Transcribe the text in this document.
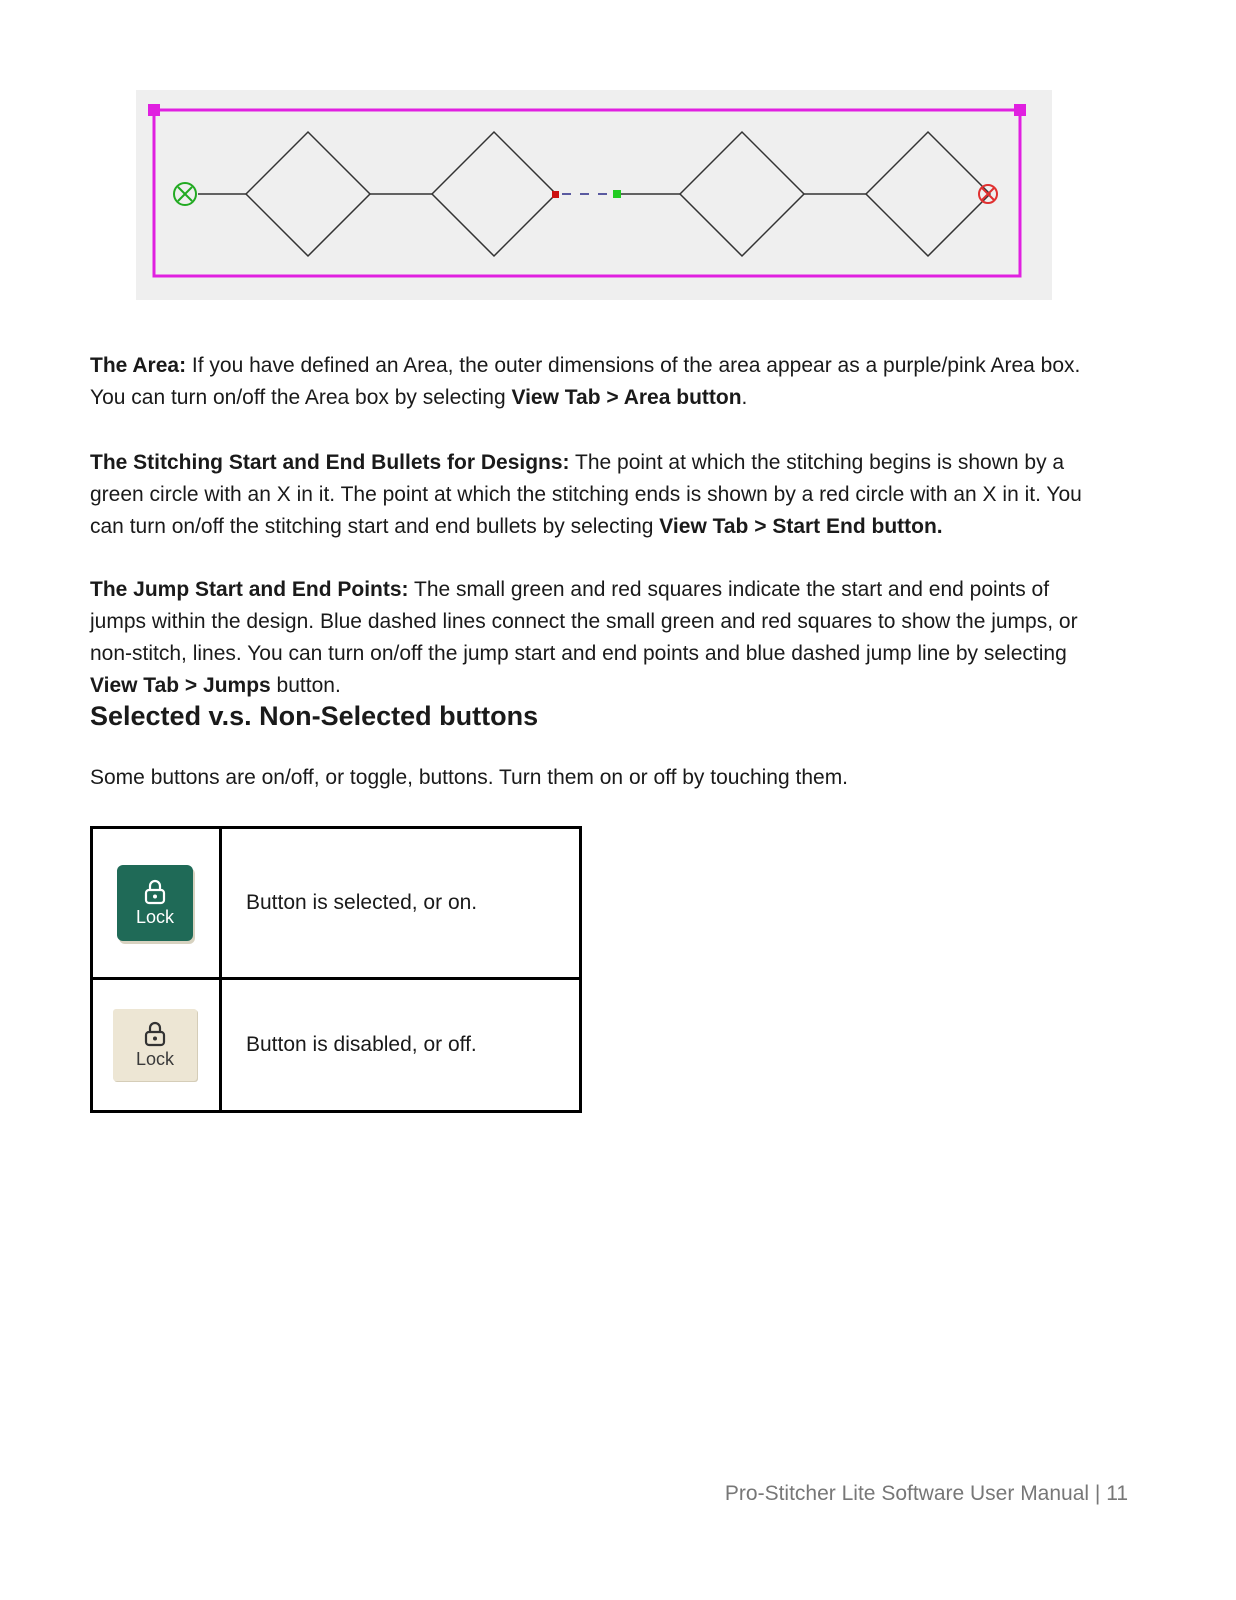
The Area: If you have defined an Area, the outer dimensions of the area appear as a purple/pink Area box. You can turn on/off the Area box by selecting View Tab > Area button.

The Stitching Start and End Bullets for Designs: The point at which the stitching begins is shown by a green circle with an X in it. The point at which the stitching ends is shown by a red circle with an X in it. You can turn on/off the stitching start and end bullets by selecting View Tab > Start End button.

The Jump Start and End Points: The small green and red squares indicate the start and end points of jumps within the design. Blue dashed lines connect the small green and red squares to show the jumps, or non-stitch, lines. You can turn on/off the jump start and end points and blue dashed jump line by selecting View Tab > Jumps button.

Selected v.s. Non-Selected buttons

Some buttons are on/off, or toggle, buttons. Turn them on or off by touching them.

Lock	Button is selected, or on.

Lock	Button is disabled, or off.
Pro-Stitcher Lite Software User Manual | 11
